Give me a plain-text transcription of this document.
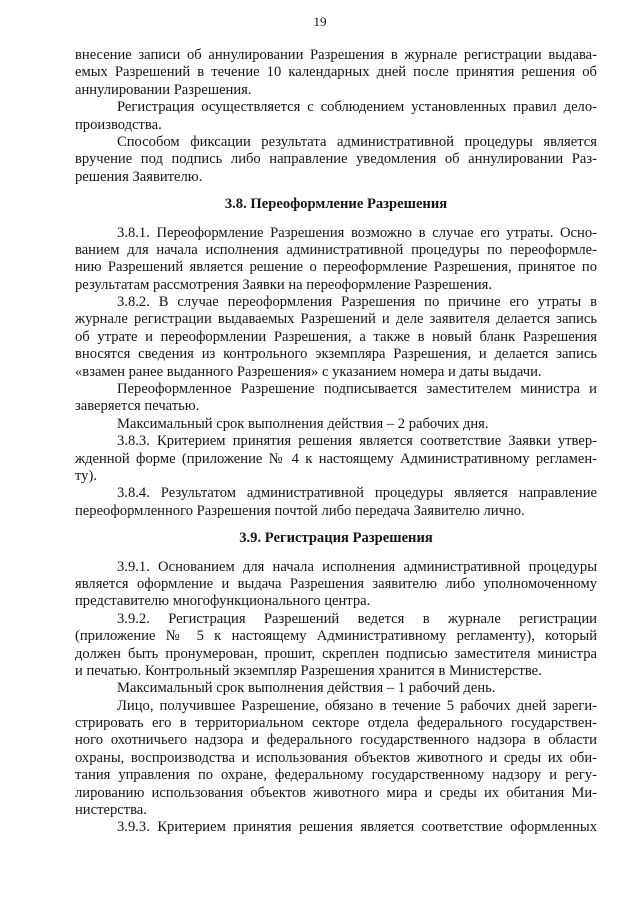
19
внесение записи об аннулировании Разрешения в журнале регистрации выдава-
емых Разрешений в течение 10 календарных дней после принятия решения об
аннулировании Разрешения.
Регистрация осуществляется с соблюдением установленных правил дело-
производства.
Способом фиксации результата административной процедуры является
вручение под подпись либо направление уведомления об аннулировании Раз-
решения Заявителю.
3.8. Переоформление Разрешения
3.8.1. Переоформление Разрешения возможно в случае его утраты. Осно-
ванием для начала исполнения административной процедуры по переоформле-
нию Разрешений является решение о переоформление Разрешения, принятое по
результатам рассмотрения Заявки на переоформление Разрешения.
3.8.2. В случае переоформления Разрешения по причине его утраты в
журнале регистрации выдаваемых Разрешений и деле заявителя делается запись
об утрате и переоформлении Разрешения, а также в новый бланк Разрешения
вносятся сведения из контрольного экземпляра Разрешения, и делается запись
«взамен ранее выданного Разрешения» с указанием номера и даты выдачи.
Переоформленное Разрешение подписывается заместителем министра и
заверяется печатью.
Максимальный срок выполнения действия – 2 рабочих дня.
3.8.3. Критерием принятия решения является соответствие Заявки утвер-
жденной форме (приложение № 4 к настоящему Административному регламен-
ту).
3.8.4. Результатом административной процедуры является направление
переоформленного Разрешения почтой либо передача Заявителю лично.
3.9. Регистрация Разрешения
3.9.1. Основанием для начала исполнения административной процедуры
является оформление и выдача Разрешения заявителю либо уполномоченному
представителю многофункционального центра.
3.9.2. Регистрация Разрешений ведется в журнале регистрации
(приложение № 5 к настоящему Административному регламенту), который
должен быть пронумерован, прошит, скреплен подписью заместителя министра
и печатью. Контрольный экземпляр Разрешения хранится в Министерстве.
Максимальный срок выполнения действия – 1 рабочий день.
Лицо, получившее Разрешение, обязано в течение 5 рабочих дней зареги-
стрировать его в территориальном секторе отдела федерального государствен-
ного охотничьего надзора и федерального государственного надзора в области
охраны, воспроизводства и использования объектов животного и среды их оби-
тания управления по охране, федеральному государственному надзору и регу-
лированию использования объектов животного мира и среды их обитания Ми-
нистерства.
3.9.3. Критерием принятия решения является соответствие оформленных
